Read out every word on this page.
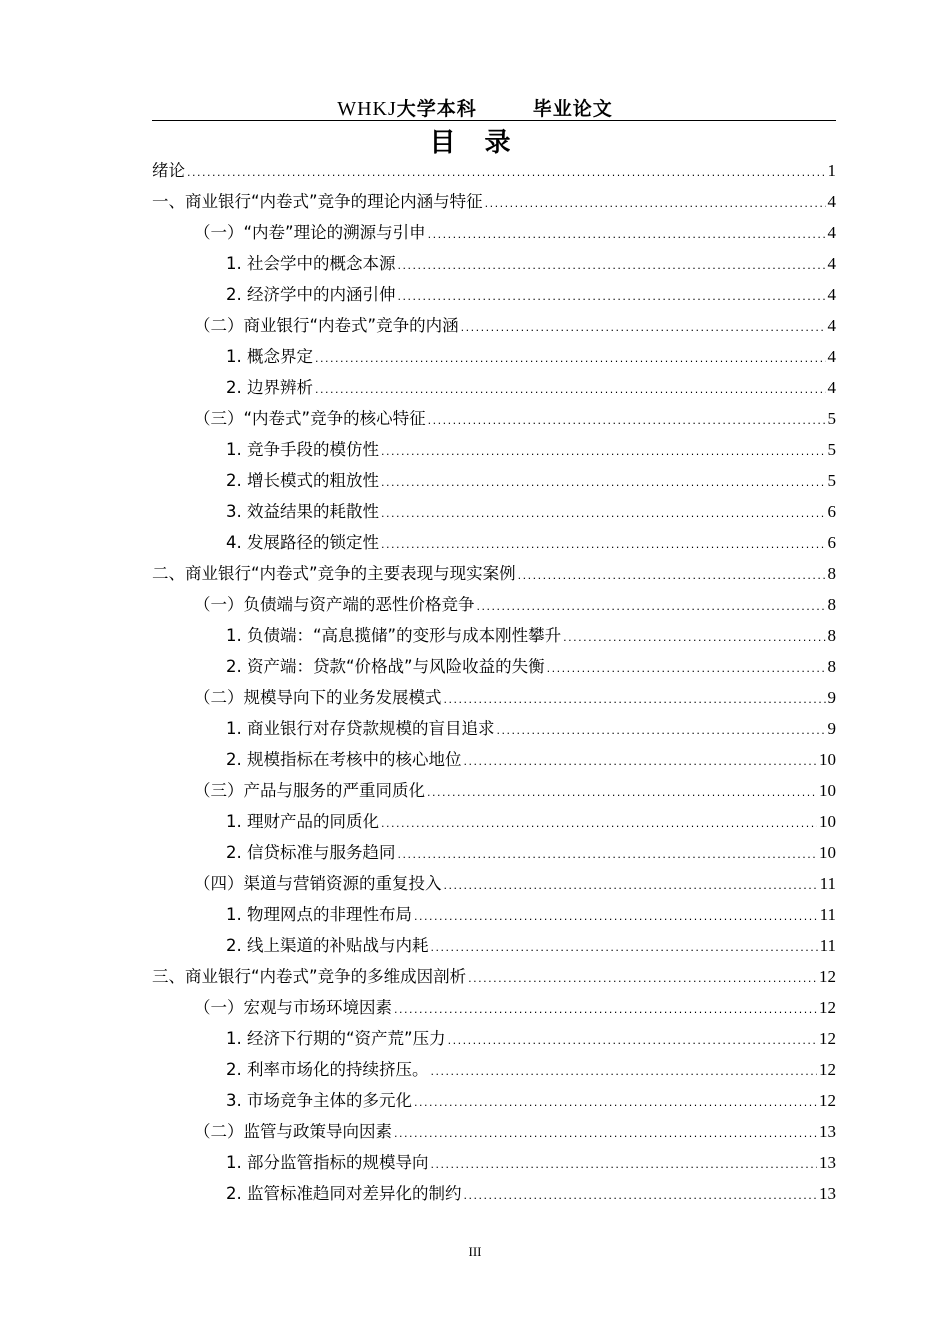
WHKJ大学本科	毕业论文
目 录
绪论 .....	1
一、商业银行“内卷式”竞争的理论内涵与特征 .....	4
（一）“内卷”理论的溯源与引申 .....	4
1. 社会学中的概念本源 .....	4
2. 经济学中的内涵引伸 .....	4
（二）商业银行“内卷式”竞争的内涵 .....	4
1. 概念界定 .....	4
2. 边界辨析 .....	4
（三）“内卷式”竞争的核心特征 .....	5
1. 竞争手段的模仿性 .....	5
2. 增长模式的粗放性 .....	5
3. 效益结果的耗散性 .....	6
4. 发展路径的锁定性 .....	6
二、商业银行“内卷式”竞争的主要表现与现实案例 .....	8
（一）负债端与资产端的恶性价格竞争 .....	8
1. 负债端：“高息揽储”的变形与成本刚性攀升 .....	8
2. 资产端：贷款“价格战”与风险收益的失衡 .....	8
（二）规模导向下的业务发展模式 .....	9
1. 商业银行对存贷款规模的盲目追求 .....	9
2. 规模指标在考核中的核心地位 .....	10
（三）产品与服务的严重同质化 .....	10
1. 理财产品的同质化 .....	10
2. 信贷标准与服务趋同 .....	10
（四）渠道与营销资源的重复投入 .....	11
1. 物理网点的非理性布局 .....	11
2. 线上渠道的补贴战与内耗 .....	11
三、商业银行“内卷式”竞争的多维成因剖析 .....	12
（一）宏观与市场环境因素 .....	12
1. 经济下行期的“资产荒”压力 .....	12
2. 利率市场化的持续挤压。 .....	12
3. 市场竞争主体的多元化 .....	12
（二）监管与政策导向因素 .....	13
1. 部分监管指标的规模导向 .....	13
2. 监管标准趋同对差异化的制约 .....	13
III
